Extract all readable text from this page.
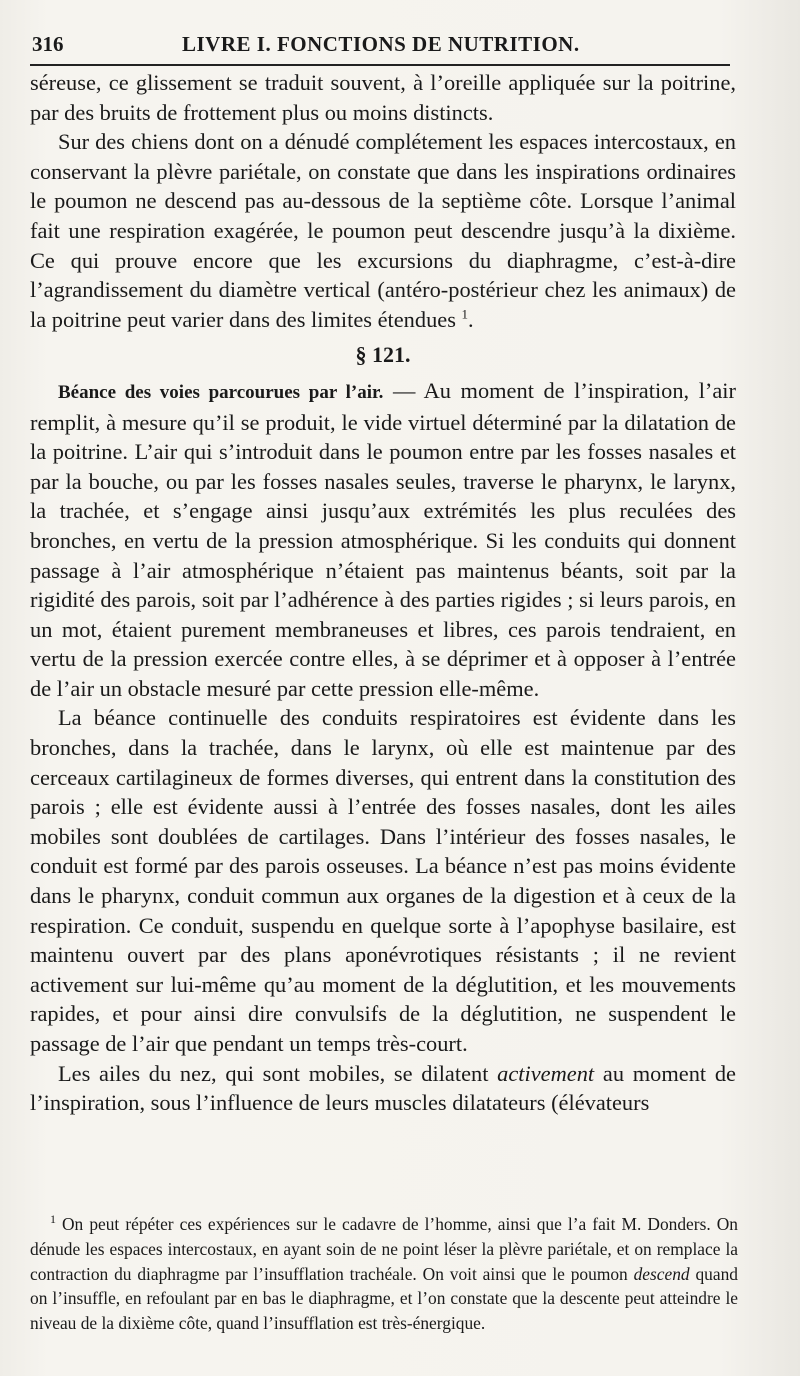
316	LIVRE I. FONCTIONS DE NUTRITION.

séreuse, ce glissement se traduit souvent, à l’oreille appliquée sur la poitrine, par des bruits de frottement plus ou moins distincts.

Sur des chiens dont on a dénudé complétement les espaces intercostaux, en conservant la plèvre pariétale, on constate que dans les inspirations ordinaires le poumon ne descend pas au-dessous de la septième côte. Lorsque l’animal fait une respiration exagérée, le poumon peut descendre jusqu’à la dixième. Ce qui prouve encore que les excursions du diaphragme, c’est-à-dire l’agrandissement du diamètre vertical (antéro-postérieur chez les animaux) de la poitrine peut varier dans des limites étendues $^1$.

§ 121.

Béance des voies parcourues par l’air. — Au moment de l’inspiration, l’air remplit, à mesure qu’il se produit, le vide virtuel déterminé par la dilatation de la poitrine. L’air qui s’introduit dans le poumon entre par les fosses nasales et par la bouche, ou par les fosses nasales seules, traverse le pharynx, le larynx, la trachée, et s’engage ainsi jusqu’aux extrémités les plus reculées des bronches, en vertu de la pression atmosphérique. Si les conduits qui donnent passage à l’air atmosphérique n’étaient pas maintenus béants, soit par la rigidité des parois, soit par l’adhérence à des parties rigides ; si leurs parois, en un mot, étaient purement membraneuses et libres, ces parois tendraient, en vertu de la pression exercée contre elles, à se déprimer et à opposer à l’entrée de l’air un obstacle mesuré par cette pression elle-même.

La béance continuelle des conduits respiratoires est évidente dans les bronches, dans la trachée, dans le larynx, où elle est maintenue par des cerceaux cartilagineux de formes diverses, qui entrent dans la constitution des parois ; elle est évidente aussi à l’entrée des fosses nasales, dont les ailes mobiles sont doublées de cartilages. Dans l’intérieur des fosses nasales, le conduit est formé par des parois osseuses. La béance n’est pas moins évidente dans le pharynx, conduit commun aux organes de la digestion et à ceux de la respiration. Ce conduit, suspendu en quelque sorte à l’apophyse basilaire, est maintenu ouvert par des plans aponévrotiques résistants ; il ne revient activement sur lui-même qu’au moment de la déglutition, et les mouvements rapides, et pour ainsi dire convulsifs de la déglutition, ne suspendent le passage de l’air que pendant un temps très-court.

Les ailes du nez, qui sont mobiles, se dilatent activement au moment de l’inspiration, sous l’influence de leurs muscles dilatateurs (élévateurs

$^1$ On peut répéter ces expériences sur le cadavre de l’homme, ainsi que l’a fait M. Donders. On dénude les espaces intercostaux, en ayant soin de ne point léser la plèvre pariétale, et on remplace la contraction du diaphragme par l’insufflation trachéale. On voit ainsi que le poumon descend quand on l’insuffle, en refoulant par en bas le diaphragme, et l’on constate que la descente peut atteindre le niveau de la dixième côte, quand l’insufflation est très-énergique.
